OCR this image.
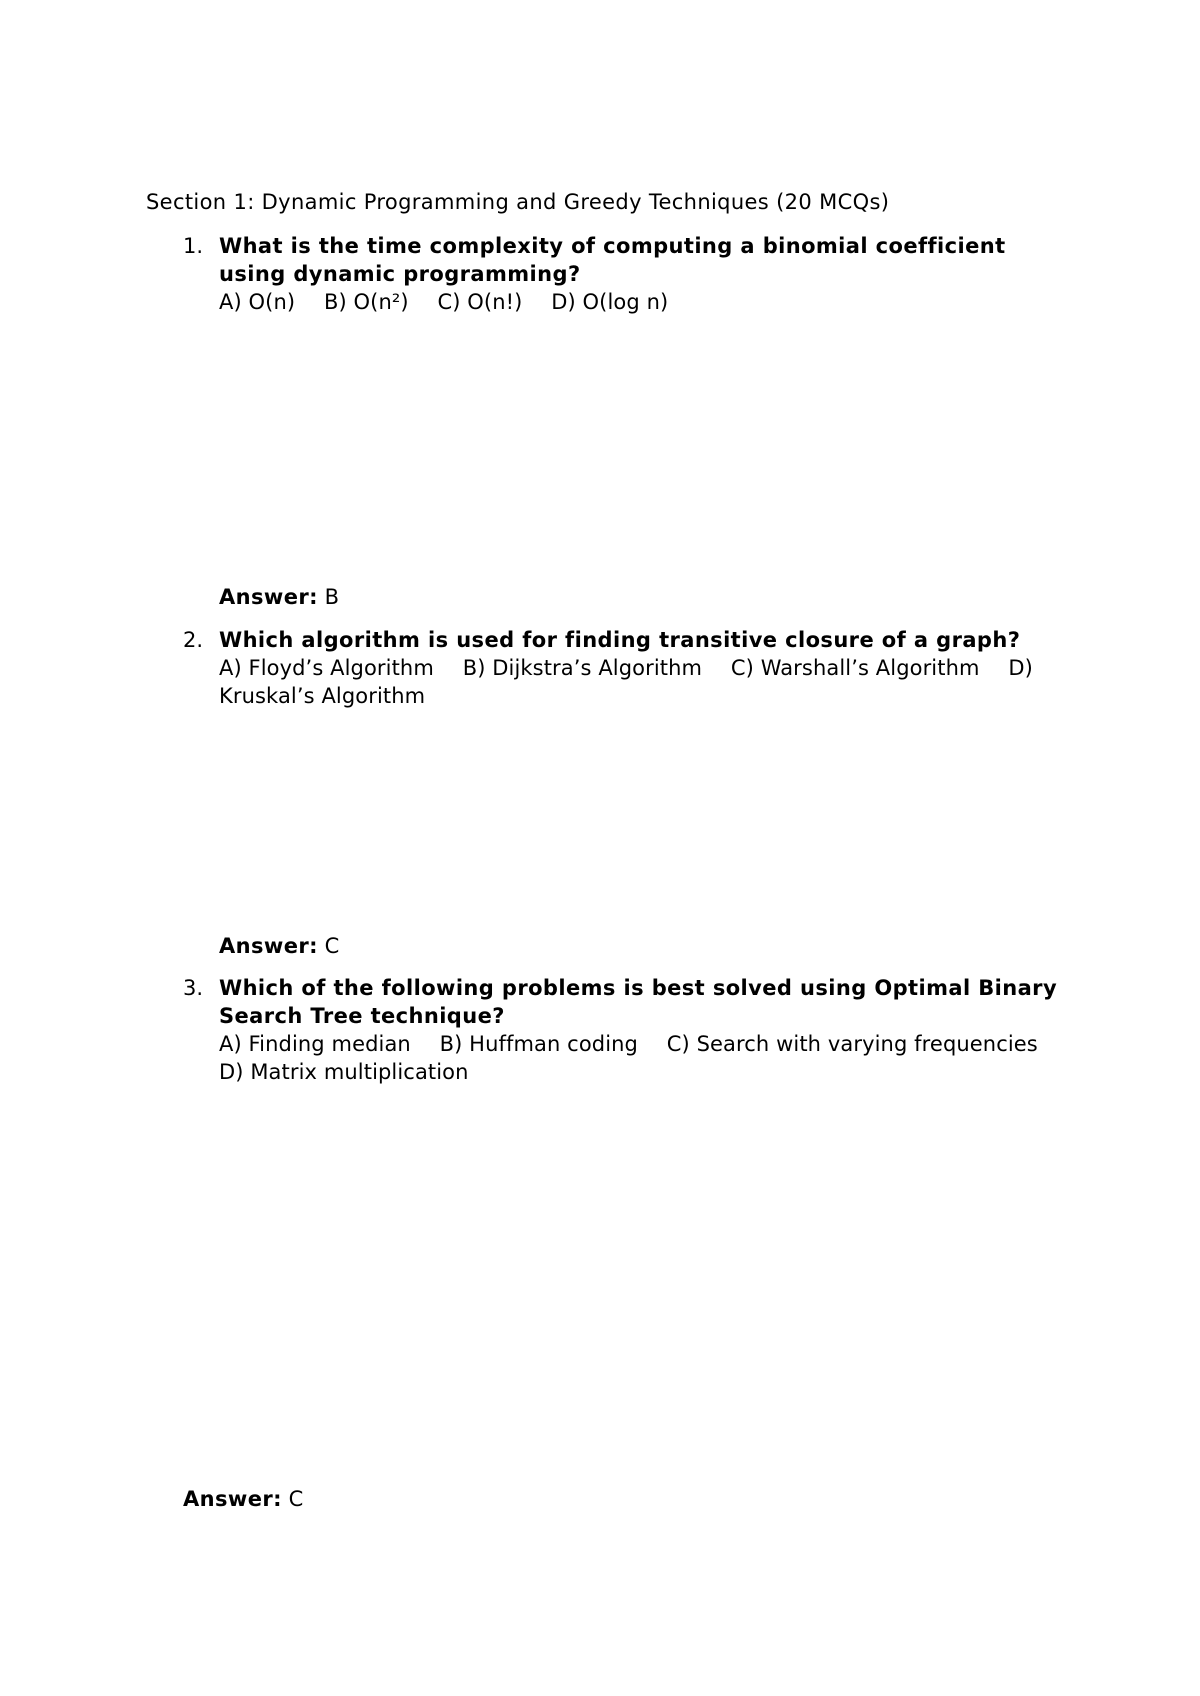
Section 1: Dynamic Programming and Greedy Techniques (20 MCQs)
1. What is the time complexity of computing a binomial coefficient using dynamic programming?
A) O(n) B) O(n²) C) O(n!) D) O(log n)
Answer: B
2. Which algorithm is used for finding transitive closure of a graph?
A) Floyd’s Algorithm B) Dijkstra’s Algorithm C) Warshall’s Algorithm D) Kruskal’s Algorithm
Answer: C
3. Which of the following problems is best solved using Optimal Binary Search Tree technique?
A) Finding median B) Huffman coding C) Search with varying frequencies D) Matrix multiplication
Answer: C
